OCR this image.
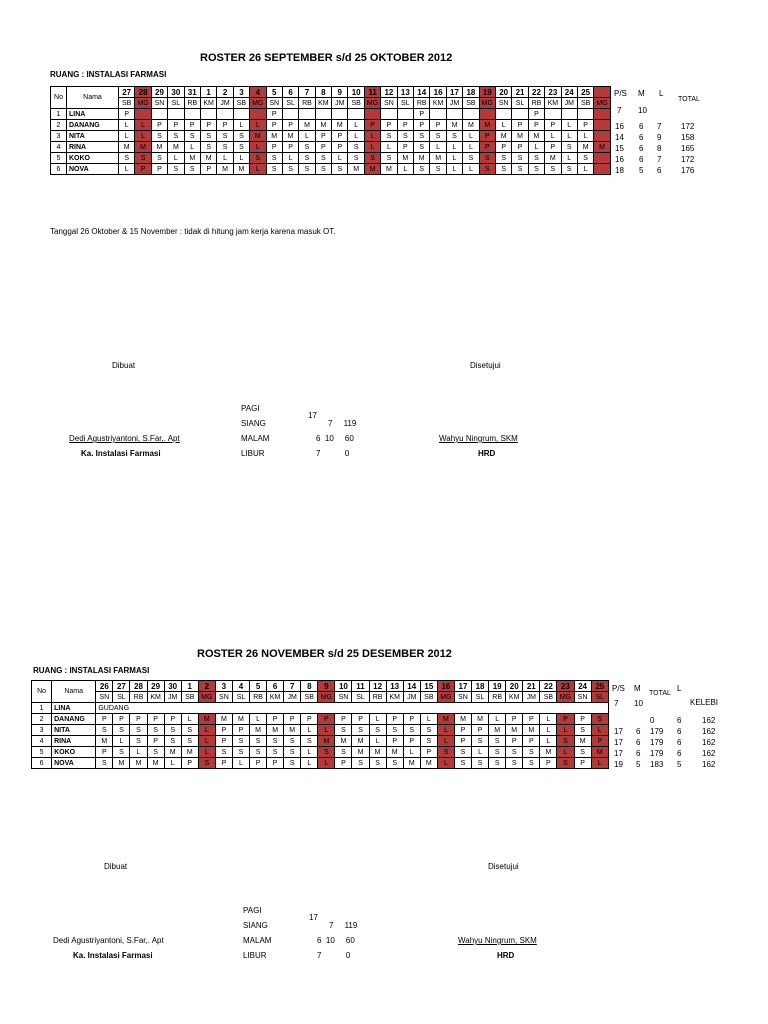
ROSTER 26 SEPTEMBER s/d 25 OKTOBER 2012
RUANG : INSTALASI FARMASI
No	Nama	27	28	29	30	31	1	2	3	4	5	6	7	8	9	10	11	12	13	14	16	17	18	19	20	21	22	23	24	25	
		SB	MG	SN	SL	RB	KM	JM	SB	MG	SN	SL	RB	KM	JM	SB	MG	SN	SL	RB	KM	JM	SB	MG	SN	SL	RB	KM	JM	SB	MG
1	LINA	P									P									P							P				
2	DANANG	L	L	P	P	P	P	P	L	L	P	P	M	M	M	L	P	P	P	P	P	M	M	M	L	P	P	P	L	P	
3	NITA	L	L	S	S	S	S	S	S	M	M	M	L	P	P	L	L	S	S	S	S	S	L	P	M	M	M	L	L	L	
4	RINA	M	M	M	M	L	S	S	S	L	P	P	S	P	P	S	L	L	P	S	L	L	L	P	P	P	L	P	S	M	M
5	KOKO	S	S	S	L	M	M	L	L	S	S	L	S	S	L	S	S	S	M	M	M	L	S	S	S	S	S	M	L	S	
6	NOVA	L	P	P	S	S	P	M	M	L	S	S	S	S	S	M	M	M	L	S	S	L	L	S	S	S	S	S	S	L	
P/S M L
TOTAL
7 10
16 6 7 172
14 6 9 158
15 6 8 165
16 6 7 172
18 5 6 176
Tanggal 26 Oktober & 15 November : tidak di hitung jam kerja karena masuk OT.
Dibuat	Disetujui
PAGI
17
SIANG	7     119
MALAM	6  10     60
LIBUR	7           0
Dedi Agustriyantoni, S.Far,. Apt
Ka. Instalasi Farmasi
Wahyu Ningrum, SKM
HRD
ROSTER 26 NOVEMBER s/d 25 DESEMBER 2012
RUANG : INSTALASI FARMASI
No	Nama	26	27	28	29	30	1	2	3	4	5	6	7	8	9	10	11	12	13	14	15	16	17	18	19	20	21	22	23	24	25
		SN	SL	RB	KM	JM	SB	MG	SN	SL	RB	KM	JM	SB	MG	SN	SL	RB	KM	JM	SB	MG	SN	SL	RB	KM	JM	SB	MG	SN	SL
1	LINA	GUDANG																													
2	DANANG	P	P	P	P	P	L	M	M	M	L	P	P	P	P	P	P	L	P	P	L	M	M	M	L	P	P	L	P	P	S
3	NITA	S	S	S	S	S	S	L	P	P	M	M	M	L	L	S	S	S	S	S	S	L	P	P	M	M	M	L	L	S	L
4	RINA	M	L	S	P	S	S	L	P	S	S	S	S	S	M	M	M	L	P	P	S	L	P	S	S	P	P	L	S	M	P
5	KOKO	P	S	L	S	M	M	L	S	S	S	S	S	L	S	S	M	M	M	L	P	S	S	L	S	S	S	M	L	S	M
6	NOVA	S	M	M	M	L	P	S	P	L	P	P	S	L	L	P	S	S	S	M	M	L	S	S	S	S	S	P	S	P	L
P/S M
TOTAL
L
KELEBI
7 10
0	6	162
17 6 179 6	162
17 6 179 6	162
17 6 179 6	162
19 5 183 5	162
Dibuat	Disetujui
PAGI
17
SIANG	7     119
MALAM	6  10     60
LIBUR	7           0
Dedi Agustriyantoni, S.Far,. Apt
Ka. Instalasi Farmasi
Wahyu Ningrum, SKM
HRD
